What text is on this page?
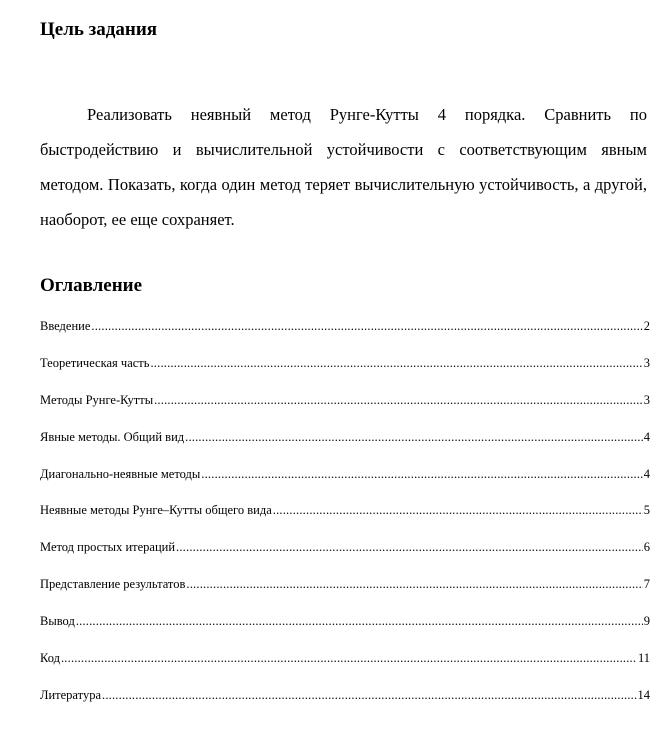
Цель задания

Реализовать неявный метод Рунге-Кутты 4 порядка. Сравнить по быстродействию и вычислительной устойчивости с соответствующим явным методом. Показать, когда один метод теряет вычислительную устойчивость, а другой, наоборот, ее еще сохраняет.

Оглавление
Введение .....	2
Теоретическая часть .....	3
Методы Рунге-Кутты .....	3
Явные методы. Общий вид .....	4
Диагонально-неявные методы .....	4
Неявные методы Рунге–Кутты общего вида .....	5
Метод простых итераций .....	6
Представление результатов .....	7
Вывод .....	9
Код .....	11
Литература .....	14
